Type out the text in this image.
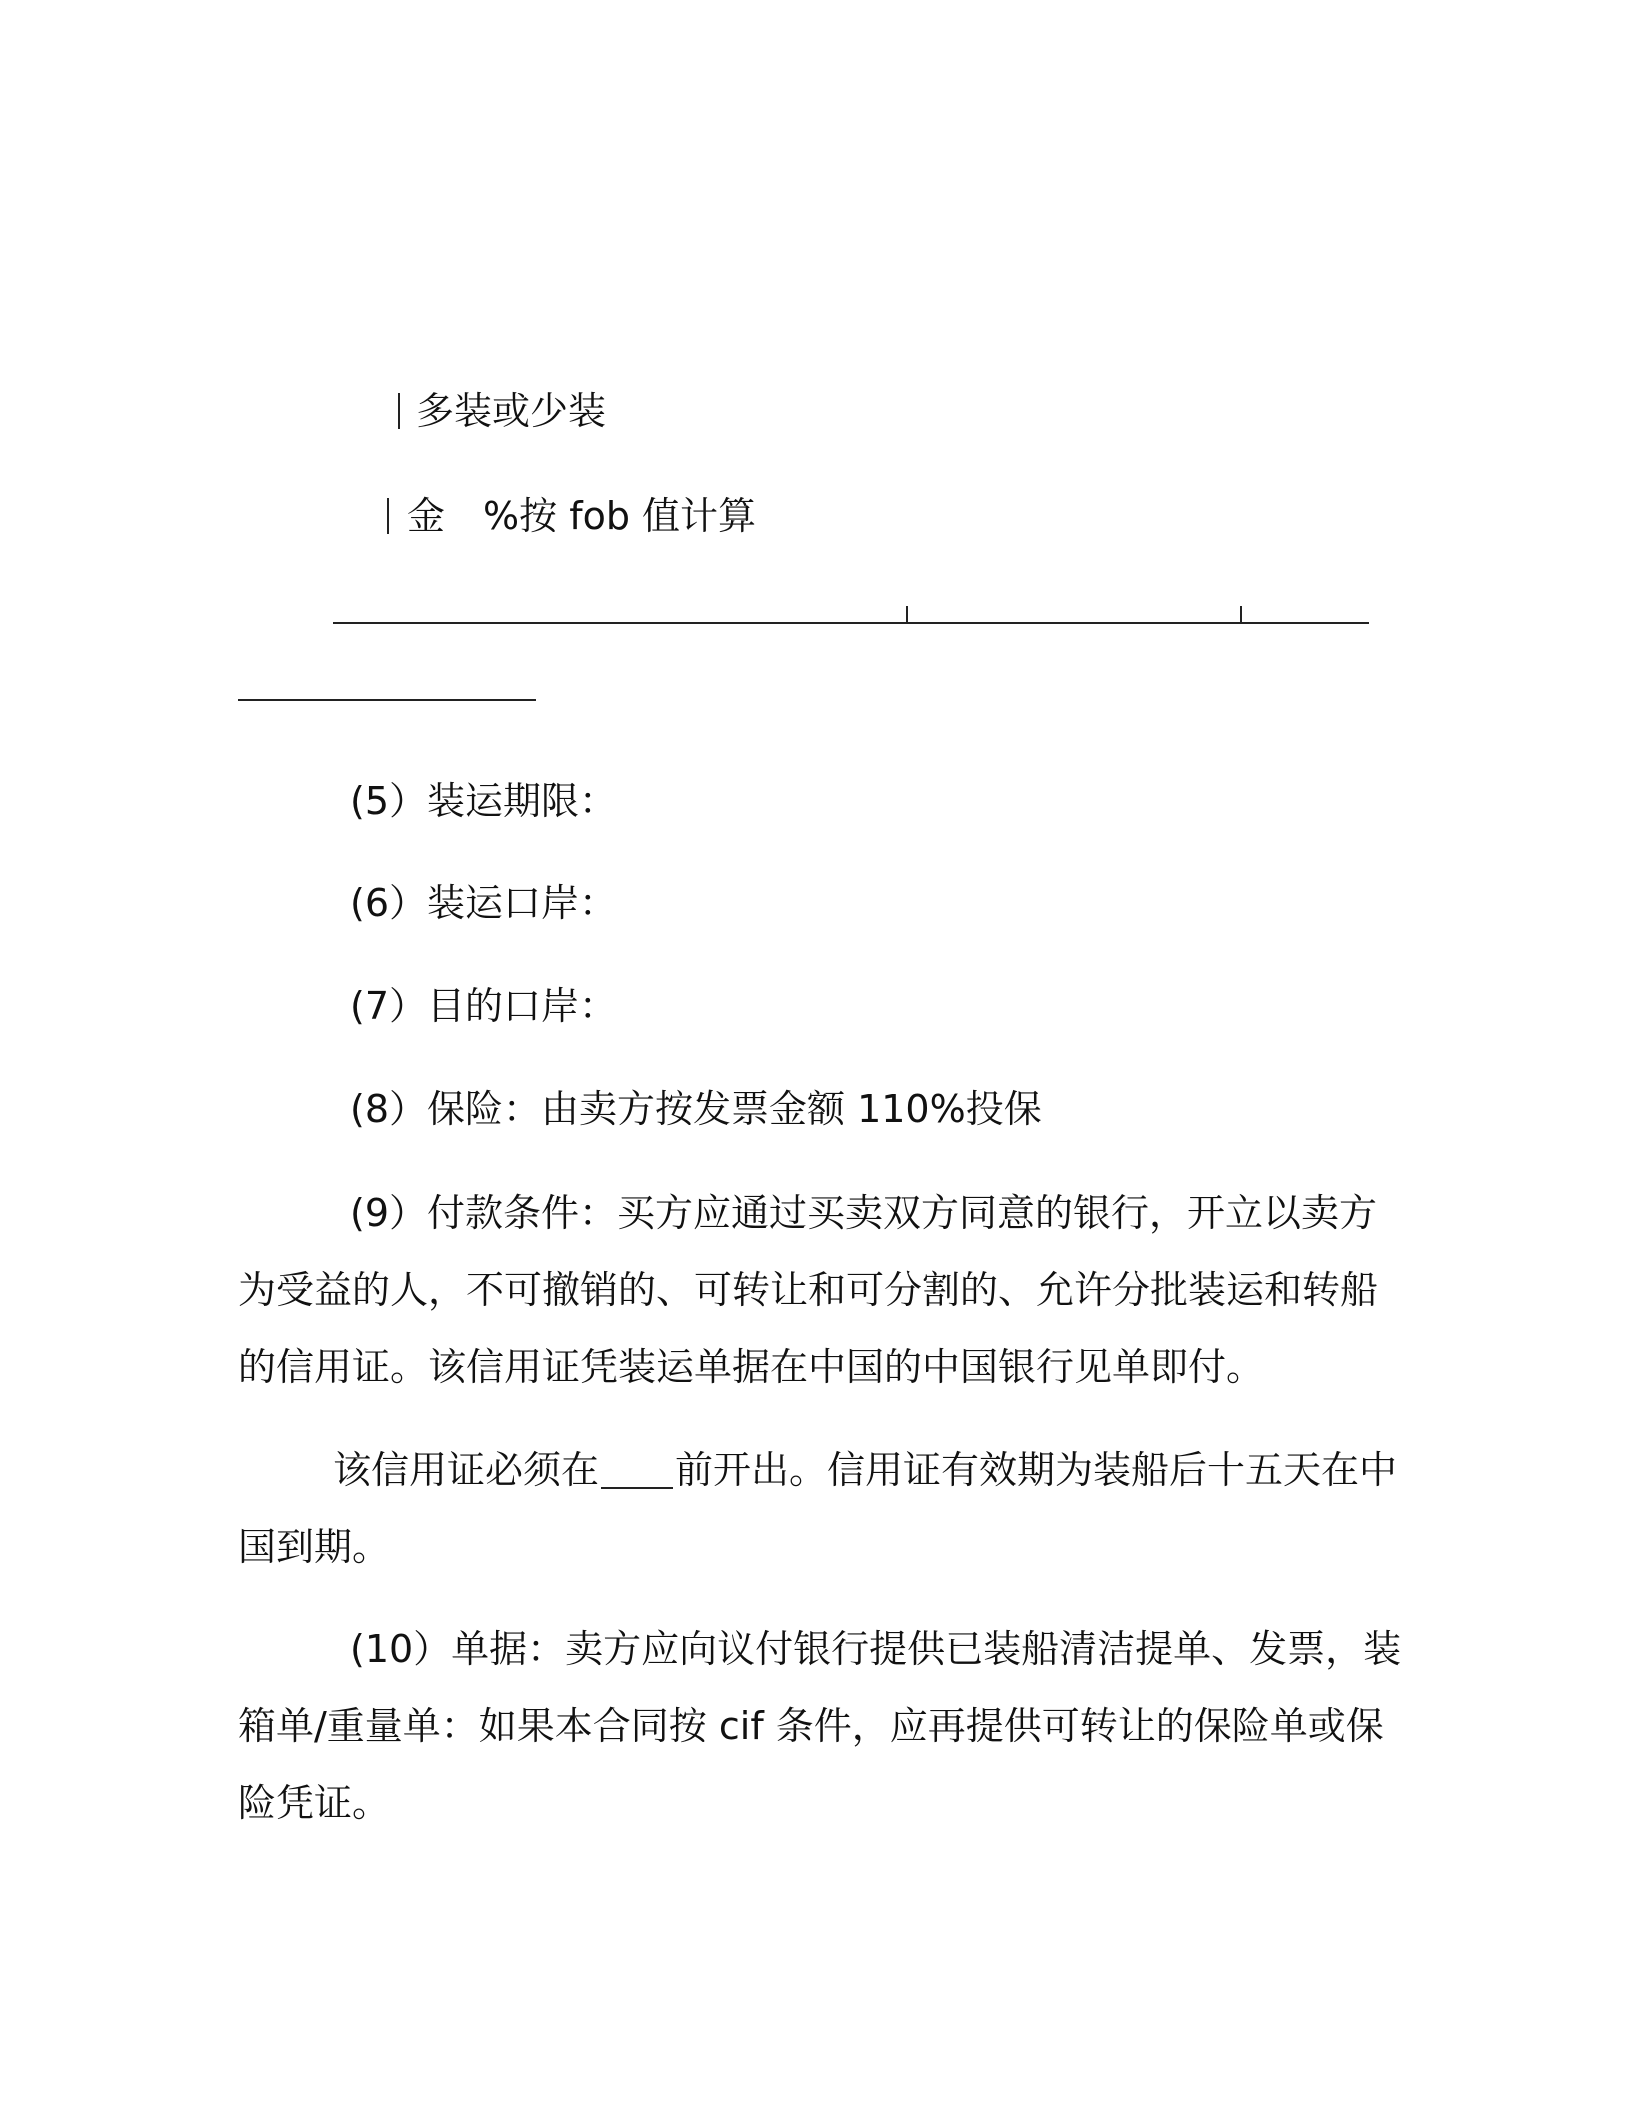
多装或少装
金 %按 fob 值计算
(5）装运期限：
(6）装运口岸：
(7）目的口岸：
(8）保险：由卖方按发票金额 110%投保
(9）付款条件：买方应通过买卖双方同意的银行，开立以卖方
为受益的人，不可撤销的、可转让和可分割的、允许分批装运和转船
的信用证。该信用证凭装运单据在中国的中国银行见单即付。
该信用证必须在 前开出。信用证有效期为装船后十五天在中
国到期。
(10）单据：卖方应向议付银行提供已装船清洁提单、发票，装
箱单/重量单：如果本合同按 cif 条件，应再提供可转让的保险单或保
险凭证。
